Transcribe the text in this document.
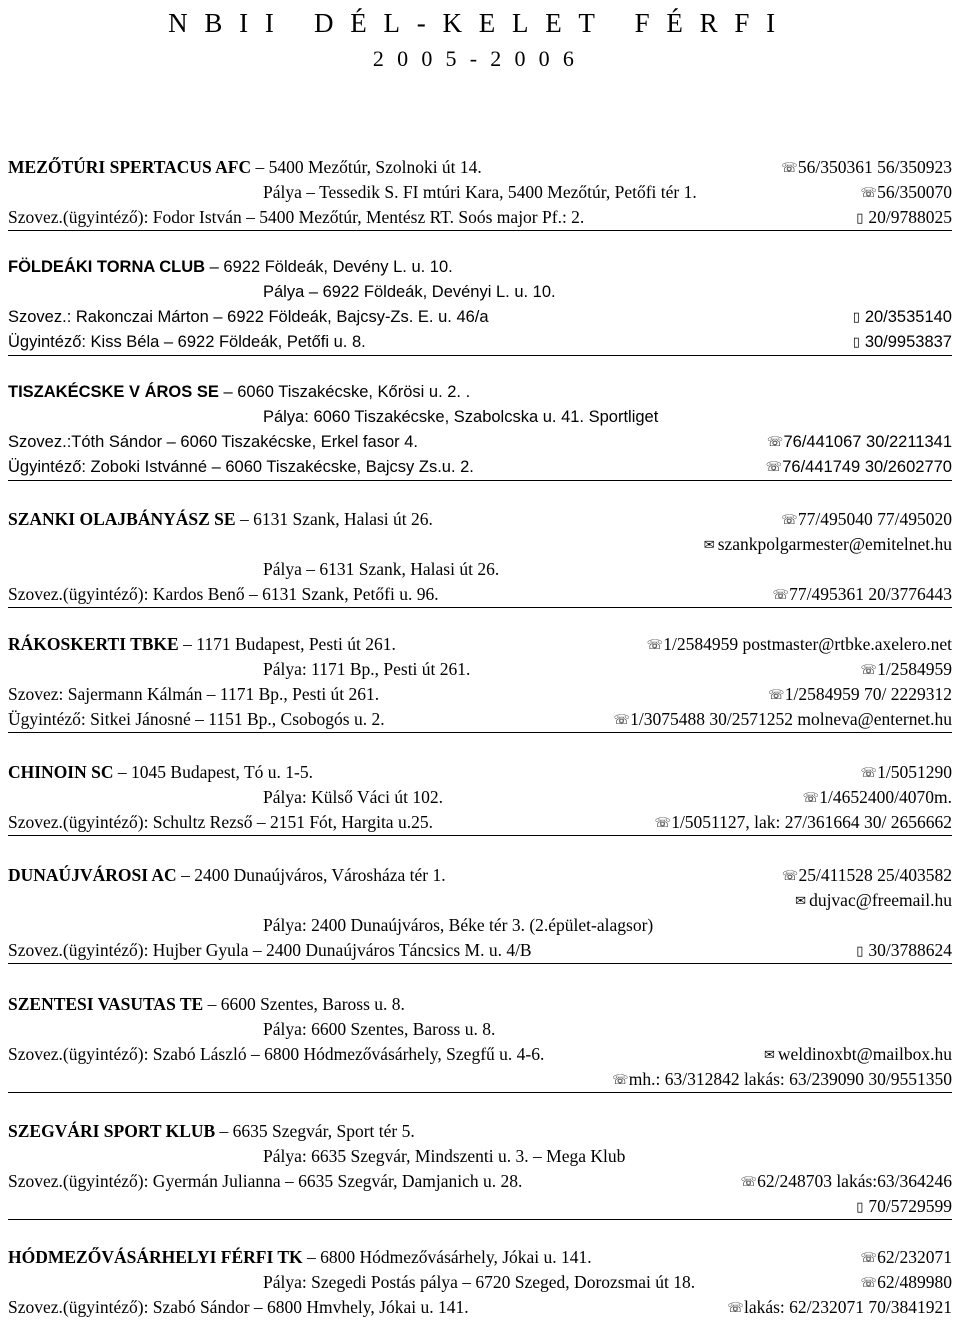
NBII DÉL-KELET FÉRFI
2005-2006
MEZŐTÚRI SPERTACUS AFC – 5400 Mezőtúr, Szolnoki út 14.	☏56/350361 56/350923
Pálya – Tessedik S. FI mtúri Kara, 5400 Mezőtúr, Petőfi tér 1.	☏56/350070
Szovez.(ügyintéző): Fodor István – 5400 Mezőtúr, Mentész RT. Soós major Pf.: 2.	▯ 20/9788025
FÖLDEÁKI TORNA CLUB – 6922 Földeák, Devény L. u. 10.
Pálya – 6922 Földeák, Devényi L. u. 10.
Szovez.: Rakonczai Márton – 6922 Földeák, Bajcsy-Zs. E. u. 46/a	▯ 20/3535140
Ügyintéző: Kiss Béla – 6922 Földeák, Petőfi u. 8.	▯ 30/9953837
TISZAKÉCSKE V ÁROS SE – 6060 Tiszakécske, Kőrösi u. 2. .
Pálya: 6060 Tiszakécske, Szabolcska u. 41. Sportliget
Szovez.:Tóth Sándor – 6060 Tiszakécske, Erkel fasor 4.	☏76/441067 30/2211341
Ügyintéző: Zoboki Istvánné – 6060 Tiszakécske, Bajcsy Zs.u. 2.	☏76/441749 30/2602770
SZANKI OLAJBÁNYÁSZ SE – 6131 Szank, Halasi út 26.	☏77/495040 77/495020
✉ szankpolgarmester@emitelnet.hu
Pálya – 6131 Szank, Halasi út 26.
Szovez.(ügyintéző): Kardos Benő – 6131 Szank, Petőfi u. 96.	☏77/495361 20/3776443
RÁKOSKERTI TBKE – 1171 Budapest, Pesti út 261.	☏1/2584959 postmaster@rtbke.axelero.net
Pálya: 1171 Bp., Pesti út 261.	☏1/2584959
Szovez: Sajermann Kálmán – 1171 Bp., Pesti út 261.	☏1/2584959 70/ 2229312
Ügyintéző: Sitkei Jánosné – 1151 Bp., Csobogós u. 2.	☏1/3075488 30/2571252 molneva@enternet.hu
CHINOIN SC – 1045 Budapest, Tó u. 1-5.	☏1/5051290
Pálya: Külső Váci út 102.	☏1/4652400/4070m.
Szovez.(ügyintéző): Schultz Rezső – 2151 Fót, Hargita u.25.	☏1/5051127, lak: 27/361664 30/ 2656662
DUNAÚJVÁROSI AC – 2400 Dunaújváros, Városháza tér 1.	☏25/411528 25/403582
✉ dujvac@freemail.hu
Pálya: 2400 Dunaújváros, Béke tér 3. (2.épület-alagsor)
Szovez.(ügyintéző): Hujber Gyula – 2400 Dunaújváros Táncsics M. u. 4/B	▯ 30/3788624
SZENTESI VASUTAS TE – 6600 Szentes, Baross u. 8.
Pálya: 6600 Szentes, Baross u. 8.
Szovez.(ügyintéző): Szabó László – 6800 Hódmezővásárhely, Szegfű u. 4-6.	✉ weldinoxbt@mailbox.hu
☏mh.: 63/312842 lakás: 63/239090 30/9551350
SZEGVÁRI SPORT KLUB – 6635 Szegvár, Sport tér 5.
Pálya: 6635 Szegvár, Mindszenti u. 3. – Mega Klub
Szovez.(ügyintéző): Gyermán Julianna – 6635 Szegvár, Damjanich u. 28.	☏62/248703 lakás:63/364246
▯ 70/5729599
HÓDMEZŐVÁSÁRHELYI FÉRFI TK – 6800 Hódmezővásárhely, Jókai u. 141.	☏62/232071
Pálya: Szegedi Postás pálya – 6720 Szeged, Dorozsmai út 18.	☏62/489980
Szovez.(ügyintéző): Szabó Sándor – 6800 Hmvhely, Jókai u. 141.	☏lakás: 62/232071 70/3841921
